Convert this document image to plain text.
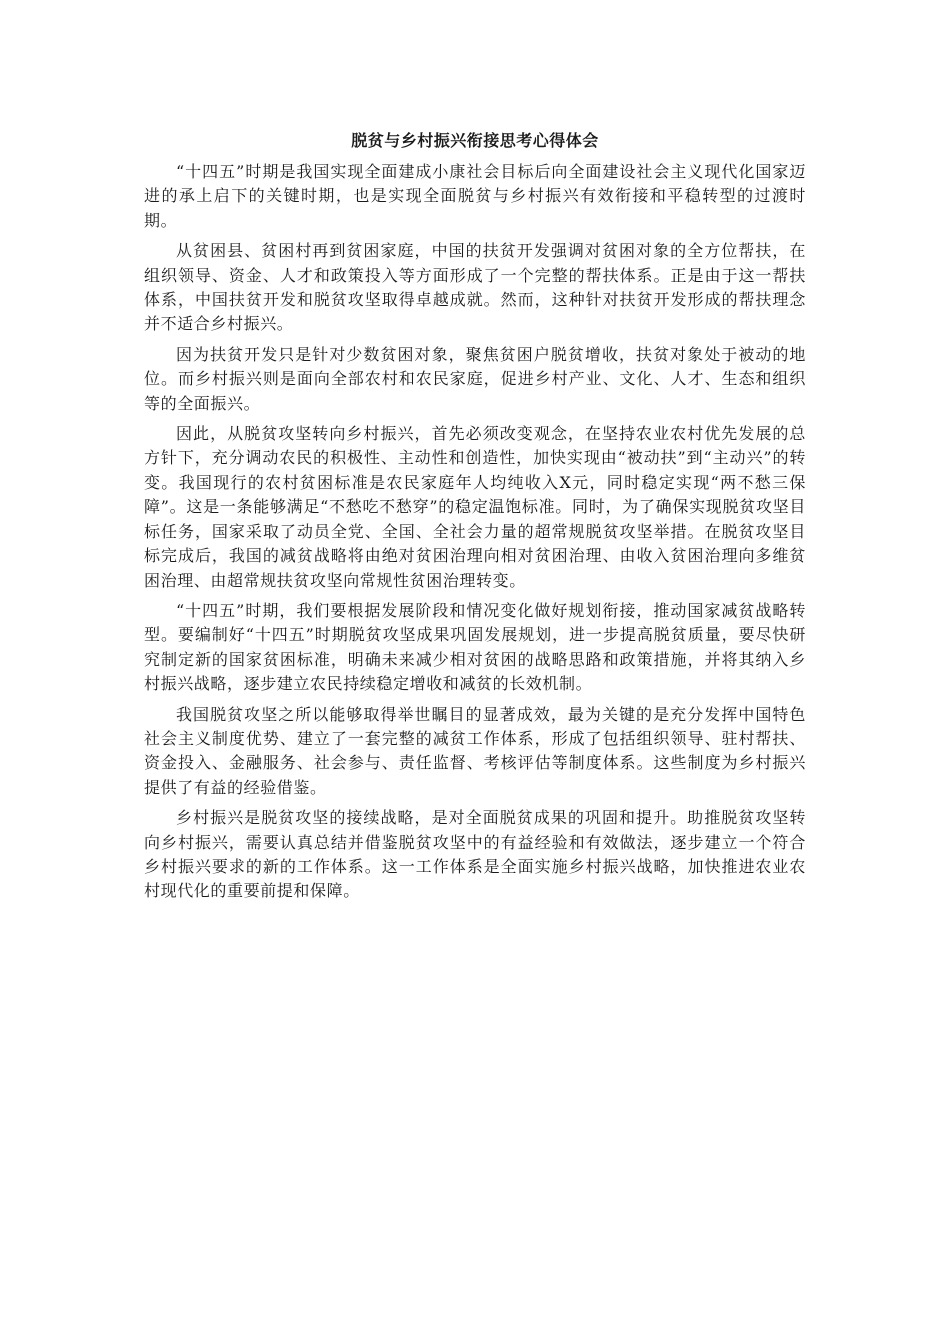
脱贫与乡村振兴衔接思考心得体会

“十四五”时期是我国实现全面建成小康社会目标后向全面建设社会主义现代化国家迈进的承上启下的关键时期，也是实现全面脱贫与乡村振兴有效衔接和平稳转型的过渡时期。

从贫困县、贫困村再到贫困家庭，中国的扶贫开发强调对贫困对象的全方位帮扶，在组织领导、资金、人才和政策投入等方面形成了一个完整的帮扶体系。正是由于这一帮扶体系，中国扶贫开发和脱贫攻坚取得卓越成就。然而，这种针对扶贫开发形成的帮扶理念并不适合乡村振兴。

因为扶贫开发只是针对少数贫困对象，聚焦贫困户脱贫增收，扶贫对象处于被动的地位。而乡村振兴则是面向全部农村和农民家庭，促进乡村产业、文化、人才、生态和组织等的全面振兴。

因此，从脱贫攻坚转向乡村振兴，首先必须改变观念，在坚持农业农村优先发展的总方针下，充分调动农民的积极性、主动性和创造性，加快实现由“被动扶”到“主动兴”的转变。我国现行的农村贫困标准是农民家庭年人均纯收入X元，同时稳定实现“两不愁三保障”。这是一条能够满足“不愁吃不愁穿”的稳定温饱标准。同时，为了确保实现脱贫攻坚目标任务，国家采取了动员全党、全国、全社会力量的超常规脱贫攻坚举措。在脱贫攻坚目标完成后，我国的减贫战略将由绝对贫困治理向相对贫困治理、由收入贫困治理向多维贫困治理、由超常规扶贫攻坚向常规性贫困治理转变。

“十四五”时期，我们要根据发展阶段和情况变化做好规划衔接，推动国家减贫战略转型。要编制好“十四五”时期脱贫攻坚成果巩固发展规划，进一步提高脱贫质量，要尽快研究制定新的国家贫困标准，明确未来减少相对贫困的战略思路和政策措施，并将其纳入乡村振兴战略，逐步建立农民持续稳定增收和减贫的长效机制。

我国脱贫攻坚之所以能够取得举世瞩目的显著成效，最为关键的是充分发挥中国特色社会主义制度优势、建立了一套完整的减贫工作体系，形成了包括组织领导、驻村帮扶、资金投入、金融服务、社会参与、责任监督、考核评估等制度体系。这些制度为乡村振兴提供了有益的经验借鉴。

乡村振兴是脱贫攻坚的接续战略，是对全面脱贫成果的巩固和提升。助推脱贫攻坚转向乡村振兴，需要认真总结并借鉴脱贫攻坚中的有益经验和有效做法，逐步建立一个符合乡村振兴要求的新的工作体系。这一工作体系是全面实施乡村振兴战略，加快推进农业农村现代化的重要前提和保障。
